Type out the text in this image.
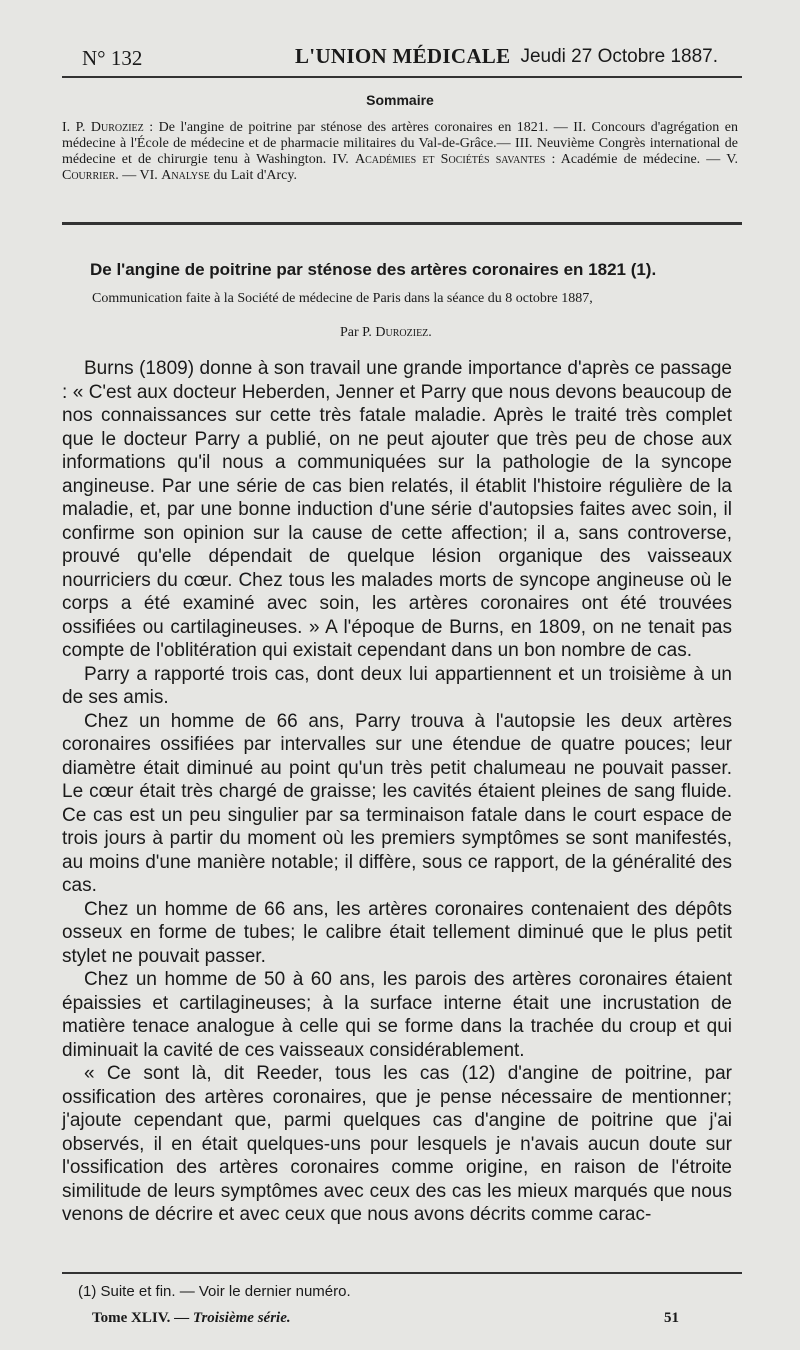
N° 132	L'UNION MÉDICALE Jeudi 27 Octobre 1887.
Sommaire
I. P. Duroziez : De l'angine de poitrine par sténose des artères coronaires en 1821. — II. Concours d'agrégation en médecine à l'École de médecine et de pharmacie militaires du Val-de-Grâce.— III. Neuvième Congrès international de médecine et de chirurgie tenu à Washington. IV. Académies et Sociétés savantes : Académie de médecine. — V. Courrier. — VI. Analyse du Lait d'Arcy.
De l'angine de poitrine par sténose des artères coronaires en 1821 (1).
Communication faite à la Société de médecine de Paris dans la séance du 8 octobre 1887,
Par P. Duroziez.

Burns (1809) donne à son travail une grande importance d'après ce passage : « C'est aux docteur Heberden, Jenner et Parry que nous devons beaucoup de nos connaissances sur cette très fatale maladie. Après le traité très complet que le docteur Parry a publié, on ne peut ajouter que très peu de chose aux informations qu'il nous a communiquées sur la pathologie de la syncope angineuse. Par une série de cas bien relatés, il établit l'histoire régulière de la maladie, et, par une bonne induction d'une série d'autopsies faites avec soin, il confirme son opinion sur la cause de cette affection; il a, sans controverse, prouvé qu'elle dépendait de quelque lésion organique des vaisseaux nourriciers du cœur. Chez tous les malades morts de syncope angineuse où le corps a été examiné avec soin, les artères coronaires ont été trouvées ossifiées ou cartilagineuses. » A l'époque de Burns, en 1809, on ne tenait pas compte de l'oblitération qui existait cependant dans un bon nombre de cas.

Parry a rapporté trois cas, dont deux lui appartiennent et un troisième à un de ses amis.

Chez un homme de 66 ans, Parry trouva à l'autopsie les deux artères coronaires ossifiées par intervalles sur une étendue de quatre pouces; leur diamètre était diminué au point qu'un très petit chalumeau ne pouvait passer. Le cœur était très chargé de graisse; les cavités étaient pleines de sang fluide. Ce cas est un peu singulier par sa terminaison fatale dans le court espace de trois jours à partir du moment où les premiers symptômes se sont manifestés, au moins d'une manière notable; il diffère, sous ce rapport, de la généralité des cas.

Chez un homme de 66 ans, les artères coronaires contenaient des dépôts osseux en forme de tubes; le calibre était tellement diminué que le plus petit stylet ne pouvait passer.

Chez un homme de 50 à 60 ans, les parois des artères coronaires étaient épaissies et cartilagineuses; à la surface interne était une incrustation de matière tenace analogue à celle qui se forme dans la trachée du croup et qui diminuait la cavité de ces vaisseaux considérablement.

« Ce sont là, dit Reeder, tous les cas (12) d'angine de poitrine, par ossification des artères coronaires, que je pense nécessaire de mentionner; j'ajoute cependant que, parmi quelques cas d'angine de poitrine que j'ai observés, il en était quelques-uns pour lesquels je n'avais aucun doute sur l'ossification des artères coronaires comme origine, en raison de l'étroite similitude de leurs symptômes avec ceux des cas les mieux marqués que nous venons de décrire et avec ceux que nous avons décrits comme carac-

(1) Suite et fin. — Voir le dernier numéro.
Tome XLIV. — Troisième série.	51
